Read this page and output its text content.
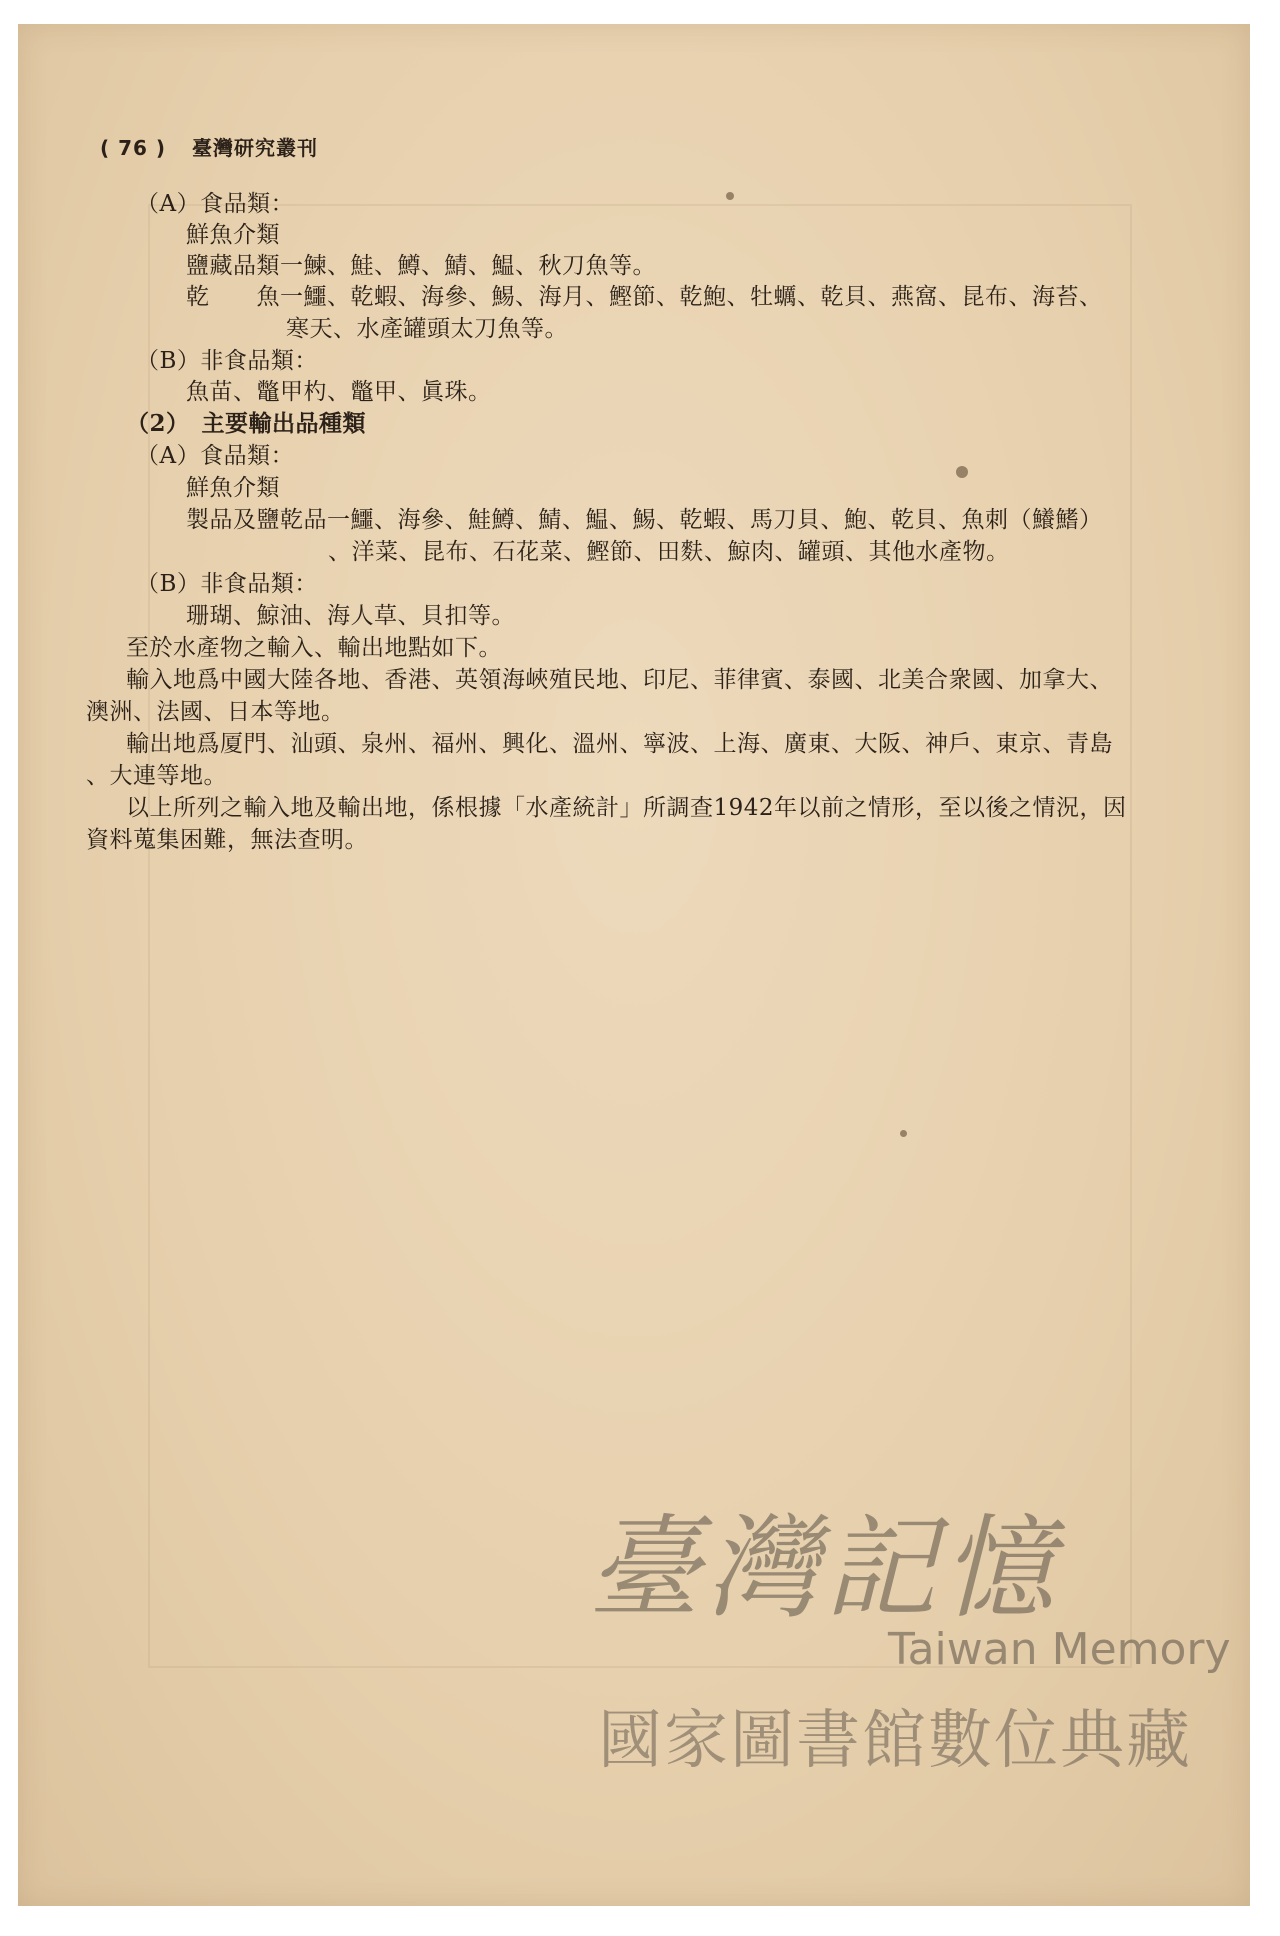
( 76 ) 臺灣研究叢刊
（A）食品類：
鮮魚介類
鹽藏品類一鰊、鮭、鱒、鯖、鰛、秋刀魚等。
乾　　魚一鱷、乾蝦、海參、鯣、海月、鰹節、乾鮑、牡蠣、乾貝、燕窩、昆布、海苔、
寒天、水產罐頭太刀魚等。
（B）非食品類：
魚苗、鼈甲杓、鼈甲、眞珠。
（2）　主要輸出品種類
（A）食品類：
鮮魚介類
製品及鹽乾品一鱷、海參、鮭鱒、鯖、鰛、鯣、乾蝦、馬刀貝、鮑、乾貝、魚刺（鱶鰭）
、洋菜、昆布、石花菜、鰹節、田麩、鯨肉、罐頭、其他水產物。
（B）非食品類：
珊瑚、鯨油、海人草、貝扣等。
至於水產物之輸入、輸出地點如下。
輸入地爲中國大陸各地、香港、英領海峽殖民地、印尼、菲律賓、泰國、北美合衆國、加拿大、
澳洲、法國、日本等地。
輸出地爲厦門、汕頭、泉州、福州、興化、溫州、寧波、上海、廣東、大阪、神戶、東京、青島
、大連等地。
以上所列之輸入地及輸出地，係根據「水產統計」所調查1942年以前之情形，至以後之情況，因
資料蒐集困難，無法查明。
臺灣記憶
Taiwan Memory
國家圖書館數位典藏
